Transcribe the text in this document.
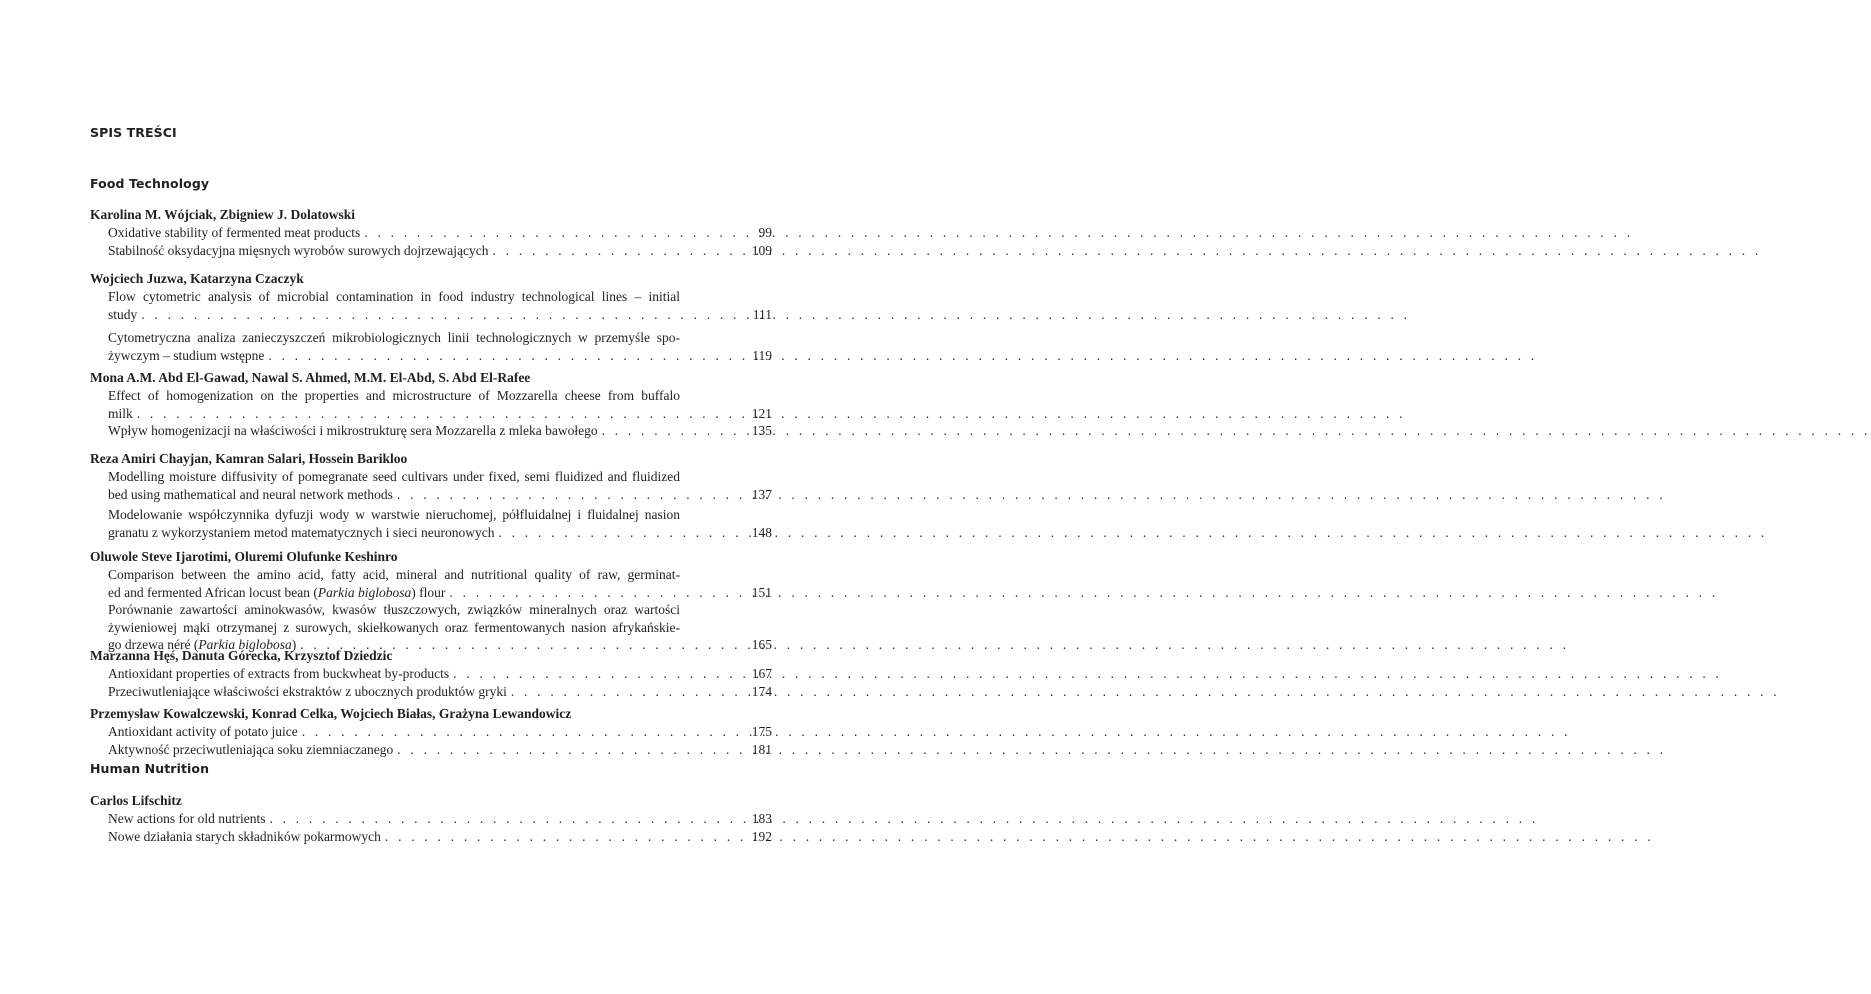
SPIS TREŚCI
Food Technology
Karolina M. Wójciak, Zbigniew J. Dolatowski
Oxidative stability of fermented meat products . . .	99
Stabilność oksydacyjna mięsnych wyrobów surowych dojrzewających . . .	109
Wojciech Juzwa, Katarzyna Czaczyk
Flow cytometric analysis of microbial contamination in food industry technological lines – initial
study . . .	111
Cytometryczna analiza zanieczyszczeń mikrobiologicznych linii technologicznych w przemyśle spo-
żywczym – studium wstępne . . .	119
Mona A.M. Abd El-Gawad, Nawal S. Ahmed, M.M. El-Abd, S. Abd El-Rafee
Effect of homogenization on the properties and microstructure of Mozzarella cheese from buffalo
milk . . .	121
Wpływ homogenizacji na właściwości i mikrostrukturę sera Mozzarella z mleka bawołego . . .	135
Reza Amiri Chayjan, Kamran Salari, Hossein Barikloo
Modelling moisture diffusivity of pomegranate seed cultivars under fixed, semi fluidized and fluidized
bed using mathematical and neural network methods . . .	137
Modelowanie współczynnika dyfuzji wody w warstwie nieruchomej, półfluidalnej i fluidalnej nasion
granatu z wykorzystaniem metod matematycznych i sieci neuronowych . . .	148
Oluwole Steve Ijarotimi, Oluremi Olufunke Keshinro
Comparison between the amino acid, fatty acid, mineral and nutritional quality of raw, germinat-
ed and fermented African locust bean (Parkia biglobosa) flour . . .	151
Porównanie zawartości aminokwasów, kwasów tłuszczowych, związków mineralnych oraz wartości
żywieniowej mąki otrzymanej z surowych, skiełkowanych oraz fermentowanych nasion afrykańskie-
go drzewa néré (Parkia biglobosa) . . .	165
Marzanna Hęś, Danuta Górecka, Krzysztof Dziedzic
Antioxidant properties of extracts from buckwheat by-products . . .	167
Przeciwutleniające właściwości ekstraktów z ubocznych produktów gryki . . .	174
Przemysław Kowalczewski, Konrad Celka, Wojciech Białas, Grażyna Lewandowicz
Antioxidant activity of potato juice . . .	175
Aktywność przeciwutleniająca soku ziemniaczanego . . .	181
Human Nutrition
Carlos Lifschitz
New actions for old nutrients . . .	183
Nowe działania starych składników pokarmowych . . .	192
